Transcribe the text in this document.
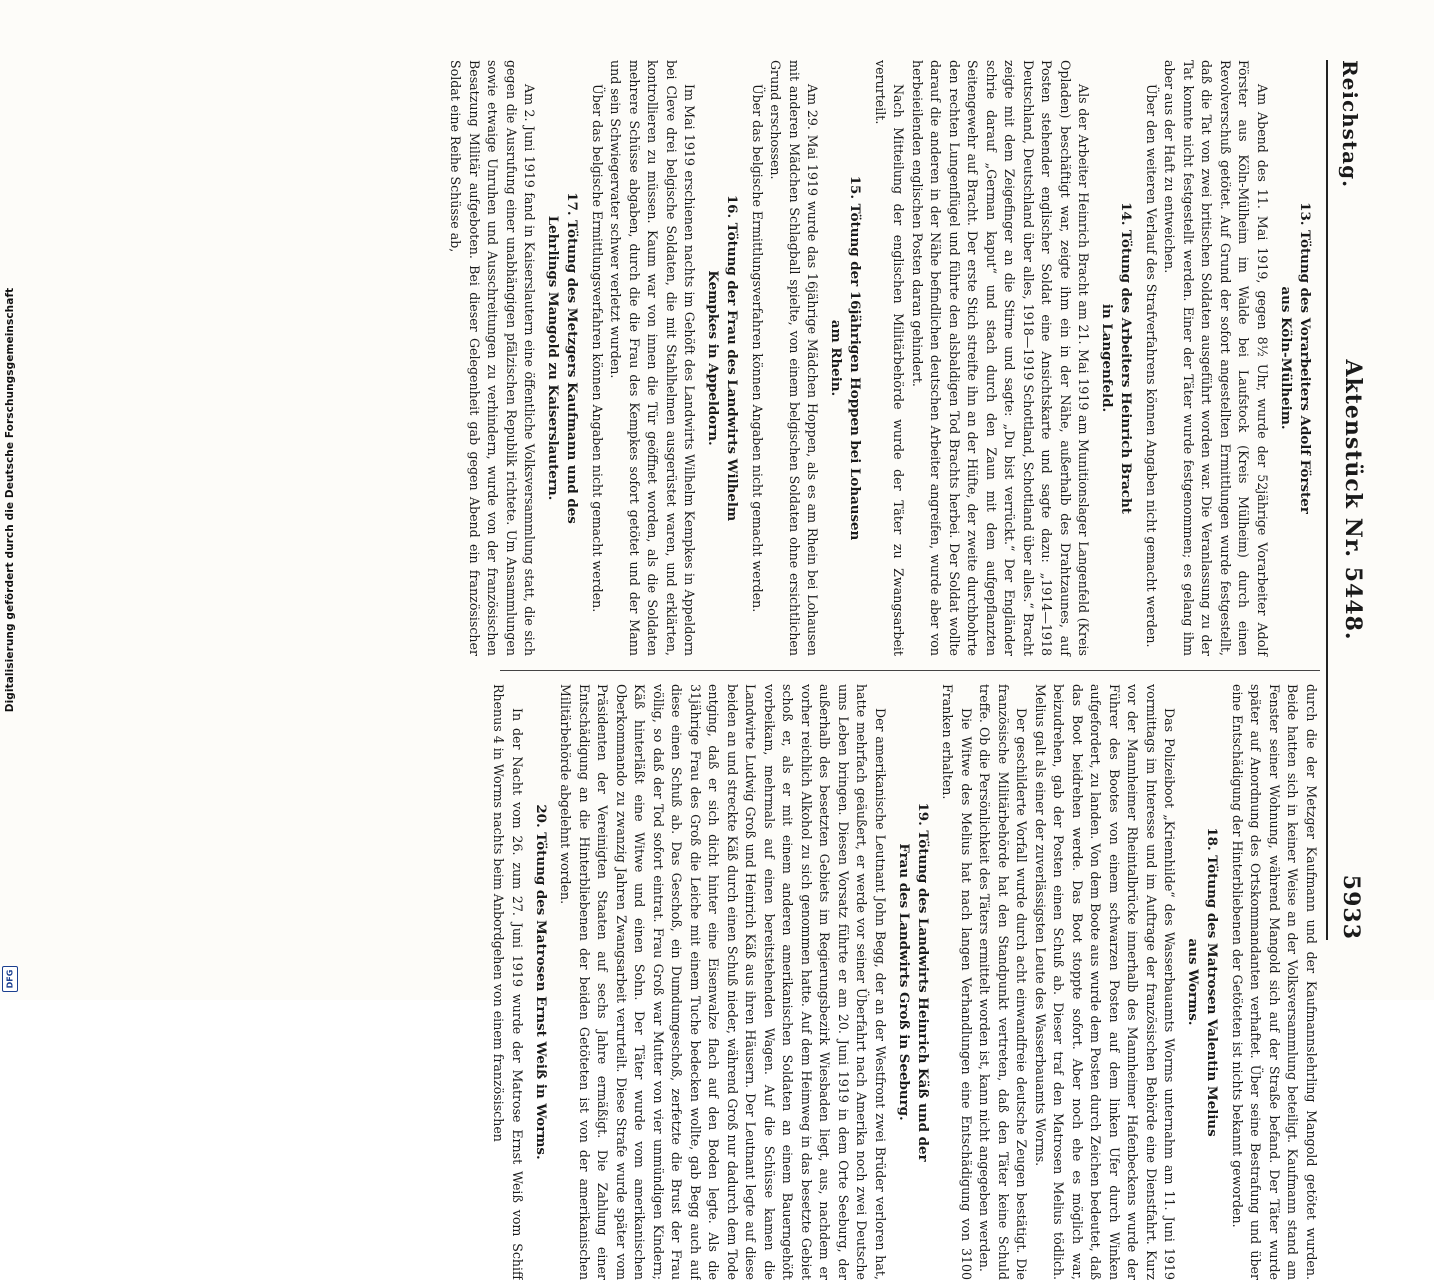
Digitalisierung gefördert durch die Deutsche Forschungsgemeinschaft
DFG
Reichstag.
Aktenstück Nr. 5448.
5933
13. Tötung des Vorarbeiters Adolf Förster
aus Köln-Mülheim.

Am Abend des 11. Mai 1919, gegen 8½ Uhr, wurde der 52jährige Vorarbeiter Adolf Förster aus Köln-Mülheim im Walde bei Laufstock (Kreis Mülheim) durch einen Revolverschuß getötet. Auf Grund der sofort angestellten Ermittlungen wurde festgestellt, daß die Tat von zwei britischen Soldaten ausgeführt worden war. Die Veranlassung zu der Tat konnte nicht festgestellt werden. Einer der Täter wurde festgenommen; es gelang ihm aber aus der Haft zu entweichen.

Über den weiteren Verlauf des Strafverfahrens können Angaben nicht gemacht werden.

14. Tötung des Arbeiters Heinrich Bracht
in Langenfeld.

Als der Arbeiter Heinrich Bracht am 21. Mai 1919 am Munitionslager Langenfeld (Kreis Opladen) beschäftigt war, zeigte ihm ein in der Nähe, außerhalb des Drahtzaunes, auf Posten stehender englischer Soldat eine Ansichtskarte und sagte dazu: „1914—1918 Deutschland, Deutschland über alles, 1918—1919 Schottland, Schottland über alles.“ Bracht zeigte mit dem Zeigefinger an die Stirne und sagte: „Du bist verrückt.“ Der Engländer schrie darauf „German kaput“ und stach durch den Zaun mit dem aufgepflanzten Seitengewehr auf Bracht. Der erste Stich streifte ihn an der Hüfte, der zweite durchbohrte den rechten Lungenflügel und führte den alsbaldigen Tod Brachts herbei. Der Soldat wollte darauf die anderen in der Nähe befindlichen deutschen Arbeiter angreifen, wurde aber von herbeieilenden englischen Posten daran gehindert.

Nach Mitteilung der englischen Militärbehörde wurde der Täter zu Zwangsarbeit verurteilt.

15. Tötung der 16jährigen Hoppen bei Lohausen
am Rhein.

Am 29. Mai 1919 wurde das 16jährige Mädchen Hoppen, als es am Rhein bei Lohausen mit anderen Mädchen Schlagball spielte, von einem belgischen Soldaten ohne ersichtlichen Grund erschossen.

Über das belgische Ermittlungsverfahren können Angaben nicht gemacht werden.

16. Tötung der Frau des Landwirts Wilhelm
Kempkes in Appeldorn.

Im Mai 1919 erschienen nachts im Gehöft des Landwirts Wilhelm Kempkes in Appeldorn bei Cleve drei belgische Soldaten, die mit Stahlhelmen ausgerüstet waren, und erklärten, kontrollieren zu müssen. Kaum war von innen die Tür geöffnet worden, als die Soldaten mehrere Schüsse abgaben, durch die die Frau des Kempkes sofort getötet und der Mann und sein Schwiegervater schwer verletzt wurden.

Über das belgische Ermittlungsverfahren können Angaben nicht gemacht werden.

17. Tötung des Metzgers Kaufmann und des
Lehrlings Mangold zu Kaiserslautern.

Am 2. Juni 1919 fand in Kaiserslautern eine öffentliche Volksversammlung statt, die sich gegen die Ausrufung einer unabhängigen pfälzischen Republik richtete. Um Ansammlungen sowie etwaige Unruhen und Ausschreitungen zu verhindern, wurde von der französischen Besatzung Militär aufgeboten. Bei dieser Gelegenheit gab gegen Abend ein französischer Soldat eine Reihe Schüsse ab,

durch die der Metzger Kaufmann und der Kaufmannslehrling Mangold getötet wurden. Beide hatten sich in keiner Weise an der Volksversammlung beteiligt. Kaufmann stand am Fenster seiner Wohnung, während Mangold sich auf der Straße befand. Der Täter wurde später auf Anordnung des Ortskommandanten verhaftet. Über seine Bestrafung und über eine Entschädigung der Hinterbliebenen der Getöteten ist nichts bekannt geworden.

18. Tötung des Matrosen Valentin Melius
aus Worms.

Das Polizeiboot „Kriemhilde“ des Wasserbauamts Worms unternahm am 11. Juni 1919 vormittags im Interesse und im Auftrage der französischen Behörde eine Dienstfahrt. Kurz vor der Mannheimer Rheintalbrücke innerhalb des Mannheimer Hafenbeckens wurde der Führer des Bootes von einem schwarzen Posten auf dem linken Ufer durch Winken aufgefordert, zu landen. Von dem Boote aus wurde dem Posten durch Zeichen bedeutet, daß das Boot beidrehen werde. Das Boot stoppte sofort. Aber noch ehe es möglich war, beizudrehen, gab der Posten einen Schuß ab. Dieser traf den Matrosen Melius tödlich. Melius galt als einer der zuverlässigsten Leute des Wasserbauamts Worms.

Der geschilderte Vorfall wurde durch acht einwandfreie deutsche Zeugen bestätigt. Die französische Militärbehörde hat den Standpunkt vertreten, daß den Täter keine Schuld treffe. Ob die Persönlichkeit des Täters ermittelt worden ist, kann nicht angegeben werden.

Die Witwe des Melius hat nach langen Verhandlungen eine Entschädigung von 3100 Franken erhalten.

19. Tötung des Landwirts Heinrich Käß und der
Frau des Landwirts Groß in Seeburg.

Der amerikanische Leutnant John Begg, der an der Westfront zwei Brüder verloren hat, hatte mehrfach geäußert, er werde vor seiner Überfahrt nach Amerika noch zwei Deutsche ums Leben bringen. Diesen Vorsatz führte er am 20. Juni 1919 in dem Orte Seeburg, der außerhalb des besetzten Gebiets im Regierungsbezirk Wiesbaden liegt, aus, nachdem er vorher reichlich Alkohol zu sich genommen hatte. Auf dem Heimweg in das besetzte Gebiet schoß er, als er mit einem anderen amerikanischen Soldaten an einem Bauerngehöft vorbeikam, mehrmals auf einen bereitstehenden Wagen. Auf die Schüsse kamen die Landwirte Ludwig Groß und Heinrich Käß aus ihren Häusern. Der Leutnant legte auf diese beiden an und streckte Käß durch einen Schuß nieder, während Groß nur dadurch dem Tode entging, daß er sich dicht hinter eine Eisenwalze flach auf den Boden legte. Als die 31jährige Frau des Groß die Leiche mit einem Tuche bedecken wollte, gab Begg auch auf diese einen Schuß ab. Das Geschoß, ein Dumdumgeschoß, zerfetzte die Brust der Frau völlig, so daß der Tod sofort eintrat. Frau Groß war Mutter von vier unmündigen Kindern; Käß hinterläßt eine Witwe und einen Sohn. Der Täter wurde vom amerikanischen Oberkommando zu zwanzig Jahren Zwangsarbeit verurteilt. Diese Strafe wurde später vom Präsidenten der Vereinigten Staaten auf sechs Jahre ermäßigt. Die Zahlung einer Entschädigung an die Hinterbliebenen der beiden Getöteten ist von der amerikanischen Militärbehörde abgelehnt worden.

20. Tötung des Matrosen Ernst Weiß in Worms.

In der Nacht vom 26. zum 27. Juni 1919 wurde der Matrose Ernst Weiß vom Schiff Rhenus 4 in Worms nachts beim Anbordgehen von einem französischen
